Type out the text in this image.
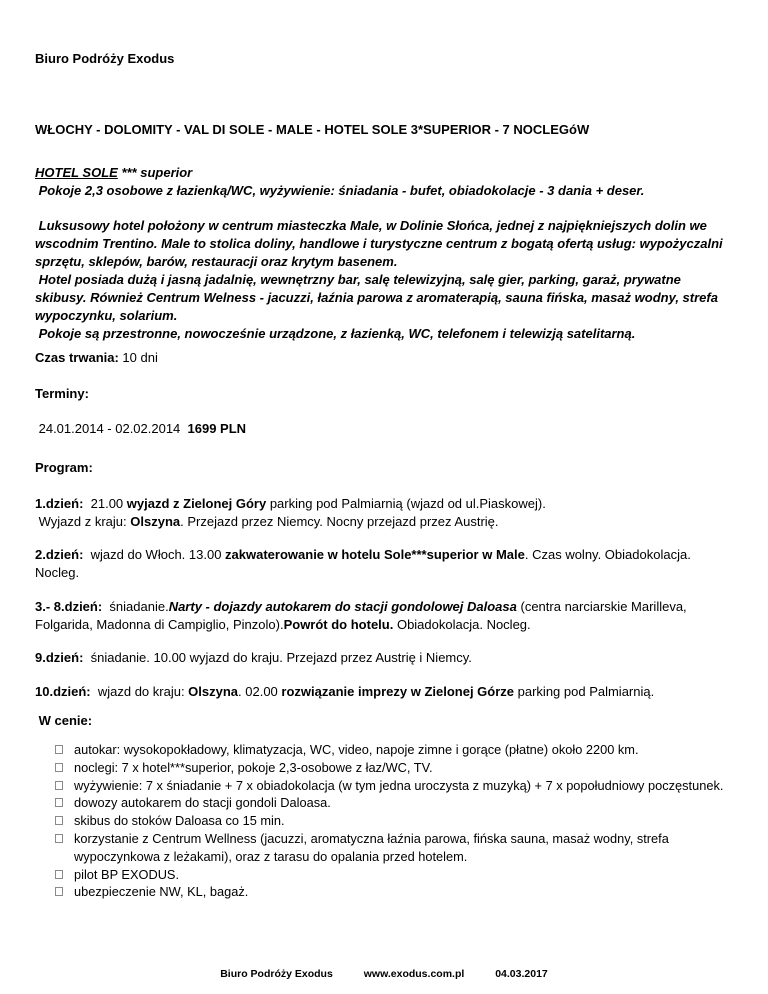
Biuro Podróży Exodus
WŁOCHY - DOLOMITY - VAL DI SOLE - MALE - HOTEL SOLE 3*SUPERIOR - 7 NOCLEGóW
HOTEL SOLE *** superior
Pokoje 2,3 osobowe z łazienką/WC, wyżywienie: śniadania - bufet, obiadokolacje - 3 dania + deser.
Luksusowy hotel położony w centrum miasteczka Male, w Dolinie Słońca, jednej z najpiękniejszych dolin we wscodnim Trentino. Male to stolica doliny, handlowe i turystyczne centrum z bogatą ofertą usług: wypożyczalni sprzętu, sklepów, barów, restauracji oraz krytym basenem.
Hotel posiada dużą i jasną jadalnię, wewnętrzny bar, salę telewizyjną, salę gier, parking, garaż, prywatne skibusy. Również Centrum Welness - jacuzzi, łaźnia parowa z aromaterapią, sauna fińska, masaż wodny, strefa wypoczynku, solarium.
Pokoje są przestronne, nowocześnie urządzone, z łazienką, WC, telefonem i telewizją satelitarną.
Czas trwania: 10 dni
Terminy:
24.01.2014 - 02.02.2014  1699 PLN
Program:
1.dzień:  21.00 wyjazd z Zielonej Góry parking pod Palmiarnią (wjazd od ul.Piaskowej).
Wyjazd z kraju: Olszyna. Przejazd przez Niemcy. Nocny przejazd przez Austrię.
2.dzień:  wjazd do Włoch. 13.00 zakwaterowanie w hotelu Sole***superior w Male. Czas wolny. Obiadokolacja. Nocleg.
3.- 8.dzień:  śniadanie.Narty - dojazdy autokarem do stacji gondolowej Daloasa (centra narciarskie Marilleva, Folgarida, Madonna di Campiglio, Pinzolo).Powrót do hotelu. Obiadokolacja. Nocleg.
9.dzień:  śniadanie. 10.00 wyjazd do kraju. Przejazd przez Austrię i Niemcy.
10.dzień:  wjazd do kraju: Olszyna. 02.00 rozwiązanie imprezy w Zielonej Górze parking pod Palmiarnią.
W cenie:
autokar: wysokopokładowy, klimatyzacja, WC, video, napoje zimne i gorące (płatne) około 2200 km.
noclegi: 7 x hotel***superior, pokoje 2,3-osobowe z łaz/WC, TV.
wyżywienie: 7 x śniadanie + 7 x obiadokolacja (w tym jedna uroczysta z muzyką) + 7 x popołudniowy poczęstunek.
dowozy autokarem do stacji gondoli Daloasa.
skibus do stoków Daloasa co 15 min.
korzystanie z Centrum Wellness (jacuzzi, aromatyczna łaźnia parowa, fińska sauna, masaż wodny, strefa wypoczynkowa z leżakami), oraz z tarasu do opalania przed hotelem.
pilot BP EXODUS.
ubezpieczenie NW, KL, bagaż.
Biuro Podróży Exodus	www.exodus.com.pl	04.03.2017
